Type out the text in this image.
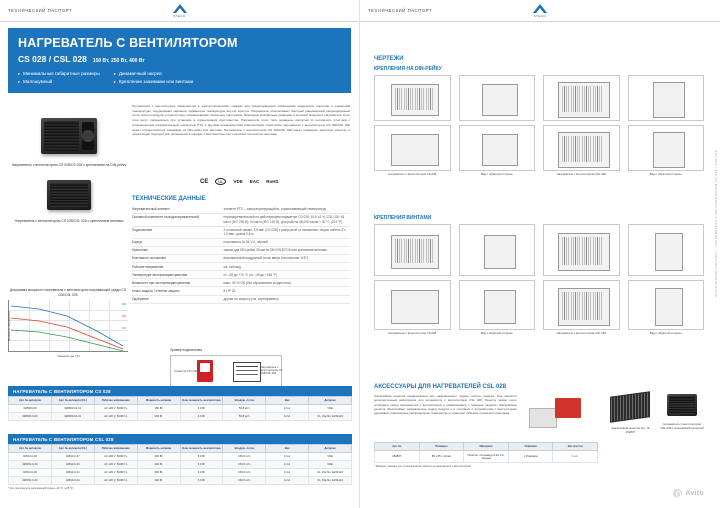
ТЕХНИЧЕСКИЙ ПАСПОРТ
STEGO
НАГРЕВАТЕЛЬ С ВЕНТИЛЯТОРОМ
CS 028 / CSL 028 150 Вт, 250 Вт, 400 Вт
▸ Минимальные габаритные размеры
▸ Малошумный
▸ Динамичный нагрев
▸ Крепление зажимами или винтами
Нагреватель с вентилятором CS 028/CS 028 с креплением на DIN-рейку
Нагреватель с вентилятором CS 028/CSL 028 с креплением винтами
Нагреватели с вентилятором применяются в электротехнических шкафах для предотвращения образования конденсата, коррозии и изменений температуры, поддержания заданных параметров температуры внутри корпуса. Нагреватель обеспечивает быстрый равномерный распределённый поток тёплого воздуха и препятствует возникновению локальных перегревов. Благодаря компактным размерам и высокой мощности нагреватели этого типа могут применяться при установке в ограниченном пространстве. Нагреватели этого типа оснащены корпусом из негорючего пластика с установленным нагревательным элементом PTC и другими возможностями комплектации. Крепление нагревателя с вентилятором CS 028/CSL 028 может осуществляться зажимами на DIN-рейку или винтами. Нагреватель с вентилятором CS 028/CSL 028 имеет надёжную защитную решётку и превосходно подходит для применения в шкафах с жёсткими местом и высокой плотностью монтажа.
CE	UL	VDE EAC RoHS
ТЕХНИЧЕСКИЕ ДАННЫЕ
Нагревательный элемент	элемент PTC – саморегулирующийся, ограничивающий температуру
Основной компонент на водонагревательной	перенагревательный по действующем параметре CS 028: 15,8 ±3 %; CSL 028: 45 мк³/ч (IEC 230 В), 54 мк³/ч (IEC 120 В), для работы 48,000 часов + 40 °C (104 °F)
Подключение	2-полюсный зажим, 2,5 мм² (CS 028) с разгрузкой от натяжения; опция: кабель 3 x 1,0 мм², длина 0,8 м
Корпус	пластмасса UL94 V-0, чёрный
Крепление	зажим для DIN-рейки 35 мм по DIN EN 60715 или крепление винтами
Монтажное положение	вертикальный воздушный поток вверх (отклонение ±15°)
Рабочее напряжение	см. таблицу
Температура эксплуатации/хранения	от –45 до +70 °C (от –49 до +158 °F)
Влажность при эксплуатации/хранении	макс. 90 % ОВ (без образования конденсата)
Класс защиты / степень защиты	II / IP 20
Одобрение	другие по запросу (см. сертификаты)
Диаграмма мощности нагревателя с вентилятором нагревающей среды CS 028/CSL 028
400
250
150
Мощность нагрева (Вт)
Температура (°C)
Пример подключения
Термостат FTO 011
Нагреватель с вентилятором CS 028/CSL 028
НАГРЕВАТЕЛЬ С ВЕНТИЛЯТОРОМ CS 028
Арт. № артикула	Арт. № артикула (UL)	Рабочее напряжение	Мощность нагрева	Ном. мощность вентилятора	Воздуш. поток	Вес	Допуски
028000-00	028000-01-01	AC 120 V, 50/60 Гц	150 Вт	3,0 Вт	50,8 м³/ч	0,3 кг	VDE
028000-9-00	028000-01-01	AC 120 V, 50/60 Гц	150 Вт	3,0 Вт	50,8 м³/ч	0,3 кг	UL, File No. E234124
НАГРЕВАТЕЛЬ С ВЕНТИЛЯТОРОМ CSL 028
Арт. № артикула	Арт. № артикула (UL)	Рабочее напряжение	Мощность нагрева	Ном. мощность вентилятора	Воздуш. поток	Вес	Допуски
02813-0-00	02813-0-07	AC 230 V, 50/60 Гц	400 Вт	5,0 Вт	150,8 м³/ч	0,4 кг	VDE
028150-0-00	02813-0-01	AC 120 V, 50/60 Гц	400 Вт	5,0 Вт	150,8 м³/ч	0,4 кг	VDE
02813-0-00	02813-0-01	AC 120 V, 50/60 Гц	400 Вт	5,0 Вт	150,8 м³/ч	0,4 кг	UL, File No. E234124
028150-0-00	02813-0-01	AC 120 V, 50/60 Гц	400 Вт	5,0 Вт	150,8 м³/ч	0,4 кг	UL, File No. E234124
* при температуре окружающей среды +20 °C (+68 °F)
ТЕХНИЧЕСКИЙ ПАСПОРТ
STEGO
ЧЕРТЕЖИ
КРЕПЛЕНИЯ НА DIN-РЕЙКУ
Нагреватель с вентилятором CS 028	Вид с обратной стороны	Нагреватель с вентилятором CSL 028	Вид с обратной стороны
КРЕПЛЕНИЯ ВИНТАМИ
Нагреватель с вентилятором CS 028	Вид с обратной стороны	Нагреватель с вентилятором CSL 028	Вид с обратной стороны
АКСЕССУАРЫ ДЛЯ НАГРЕВАТЕЛЕЙ CSL 028
Жалюзийная решётка предназначена для направленного подачи тёплого воздуха. Она является дополнительным аксессуаром для нагревателя с вентилятором CSL 028. Решётку можно легко установить перед нагревателем с вентилятором и зафиксировать с помощью защёлок. Жалюзийная решётка обеспечивает направленную подачу воздуха и в сочетании с нагревателем с вентилятором удерживает равномерное распределение температуры и позволяет избежать локального перегрева.
Жалюзийная решётка Арт. № 25283?
Нагреватель с вентилятором CSL 028 с жалюзийной решёткой
Арт. №	Размеры	Материал	Упаковка	Вес (нетто)
25283?	85 x 85 x 12 мм	Пластик, полиамид UL94 V-0, чёрный	1 Упаковка	1 шт.
* Размеры указаны при установленной решётке на нагревателе с вентилятором.
ТЕХНИЧЕСКИЙ ПАСПОРТ · НАГРЕВАТЕЛЬ С ВЕНТИЛЯТОРОМ CS 028 / CSL 028
Avito
